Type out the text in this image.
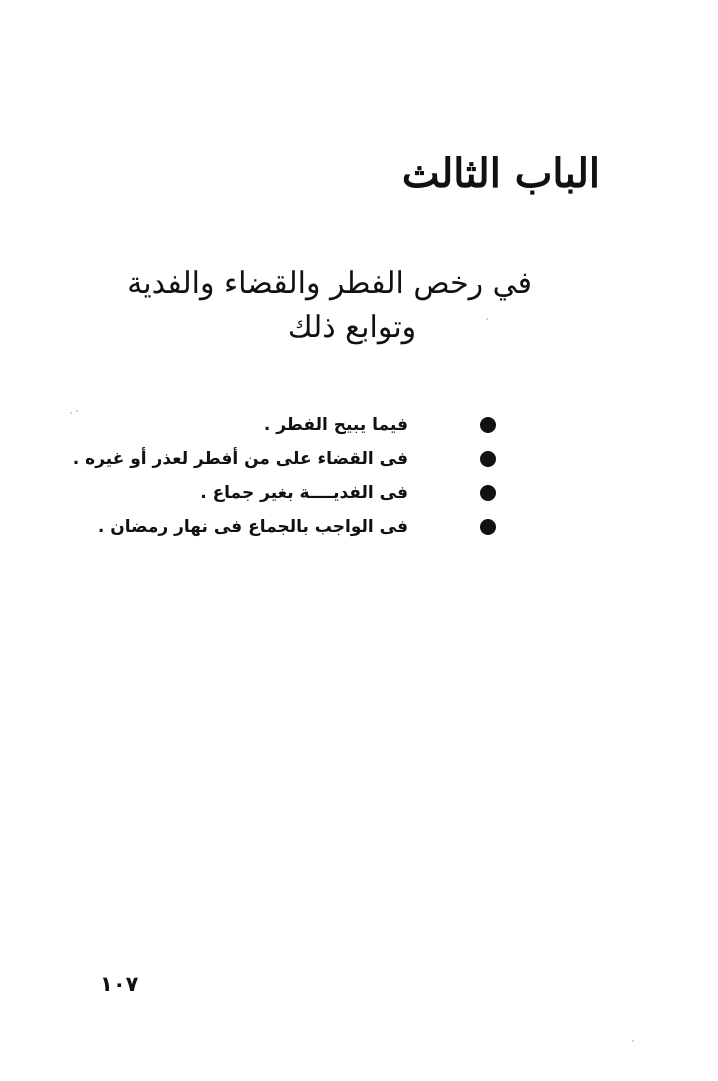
الباب الثالث
في رخص الفطر والقضاء والفدية
وتوابع ذلك
فيما يبيح الفطر .
فى القضاء على من أفطر لعذر أو غيره .
فى الفديــــة بغير جماع .
فى الواجب بالجماع فى نهار رمضان .
١٠٧
